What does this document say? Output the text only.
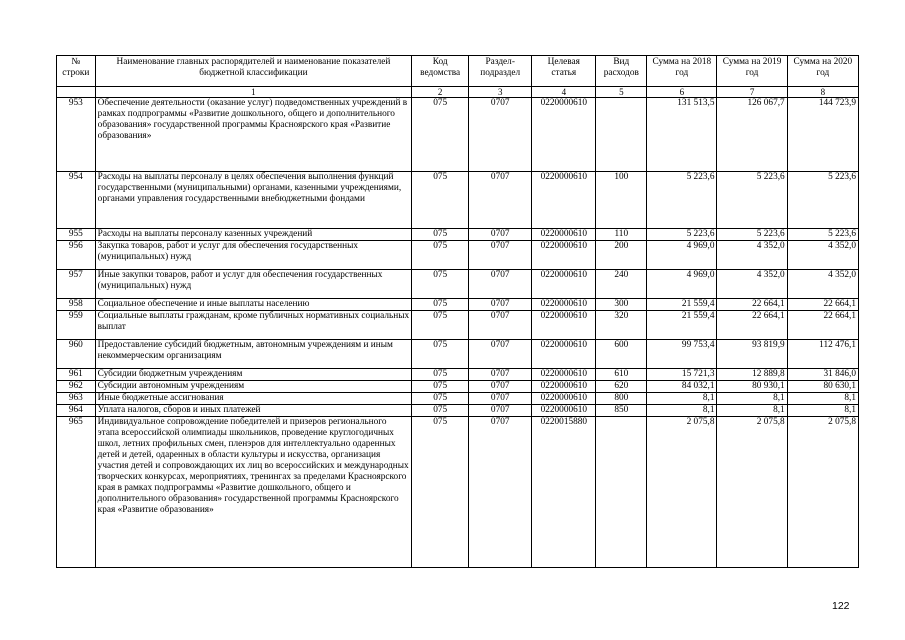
№ строки	Наименование главных распорядителей и наименование показателей бюджетной классификации	Код ведомства	Раздел-подраздел	Целевая статья	Вид расходов	Сумма на 2018 год	Сумма на 2019 год	Сумма на 2020 год
	1	2	3	4	5	6	7	8
953	Обеспечение деятельности (оказание услуг) подведомственных учреждений в рамках подпрограммы «Развитие дошкольного, общего и дополнительного образования» государственной программы Красноярского края «Развитие образования»	075	0707	0220000610		131 513,5	126 067,7	144 723,9
954	Расходы на выплаты персоналу в целях обеспечения выполнения функций государственными (муниципальными) органами, казенными учреждениями, органами управления государственными внебюджетными фондами	075	0707	0220000610	100	5 223,6	5 223,6	5 223,6
955	Расходы на выплаты персоналу казенных учреждений	075	0707	0220000610	110	5 223,6	5 223,6	5 223,6
956	Закупка товаров, работ и услуг для обеспечения государственных (муниципальных) нужд	075	0707	0220000610	200	4 969,0	4 352,0	4 352,0
957	Иные закупки товаров, работ и услуг для обеспечения государственных (муниципальных) нужд	075	0707	0220000610	240	4 969,0	4 352,0	4 352,0
958	Социальное обеспечение и иные выплаты населению	075	0707	0220000610	300	21 559,4	22 664,1	22 664,1
959	Социальные выплаты гражданам, кроме публичных нормативных социальных выплат	075	0707	0220000610	320	21 559,4	22 664,1	22 664,1
960	Предоставление субсидий бюджетным, автономным учреждениям и иным некоммерческим организациям	075	0707	0220000610	600	99 753,4	93 819,9	112 476,1
961	Субсидии бюджетным учреждениям	075	0707	0220000610	610	15 721,3	12 889,8	31 846,0
962	Субсидии автономным учреждениям	075	0707	0220000610	620	84 032,1	80 930,1	80 630,1
963	Иные бюджетные ассигнования	075	0707	0220000610	800	8,1	8,1	8,1
964	Уплата налогов, сборов и иных платежей	075	0707	0220000610	850	8,1	8,1	8,1
965	Индивидуальное сопровождение победителей и призеров регионального этапа всероссийской олимпиады школьников, проведение круглогодичных школ, летних профильных смен, пленэров для интеллектуально одаренных детей и детей, одаренных в области культуры и искусства, организация участия детей и сопровождающих их лиц во всероссийских и международных творческих конкурсах, мероприятиях, тренингах за пределами Красноярского края в рамках подпрограммы «Развитие дошкольного, общего и дополнительного образования» государственной программы Красноярского края «Развитие образования»	075	0707	0220015880		2 075,8	2 075,8	2 075,8
122
